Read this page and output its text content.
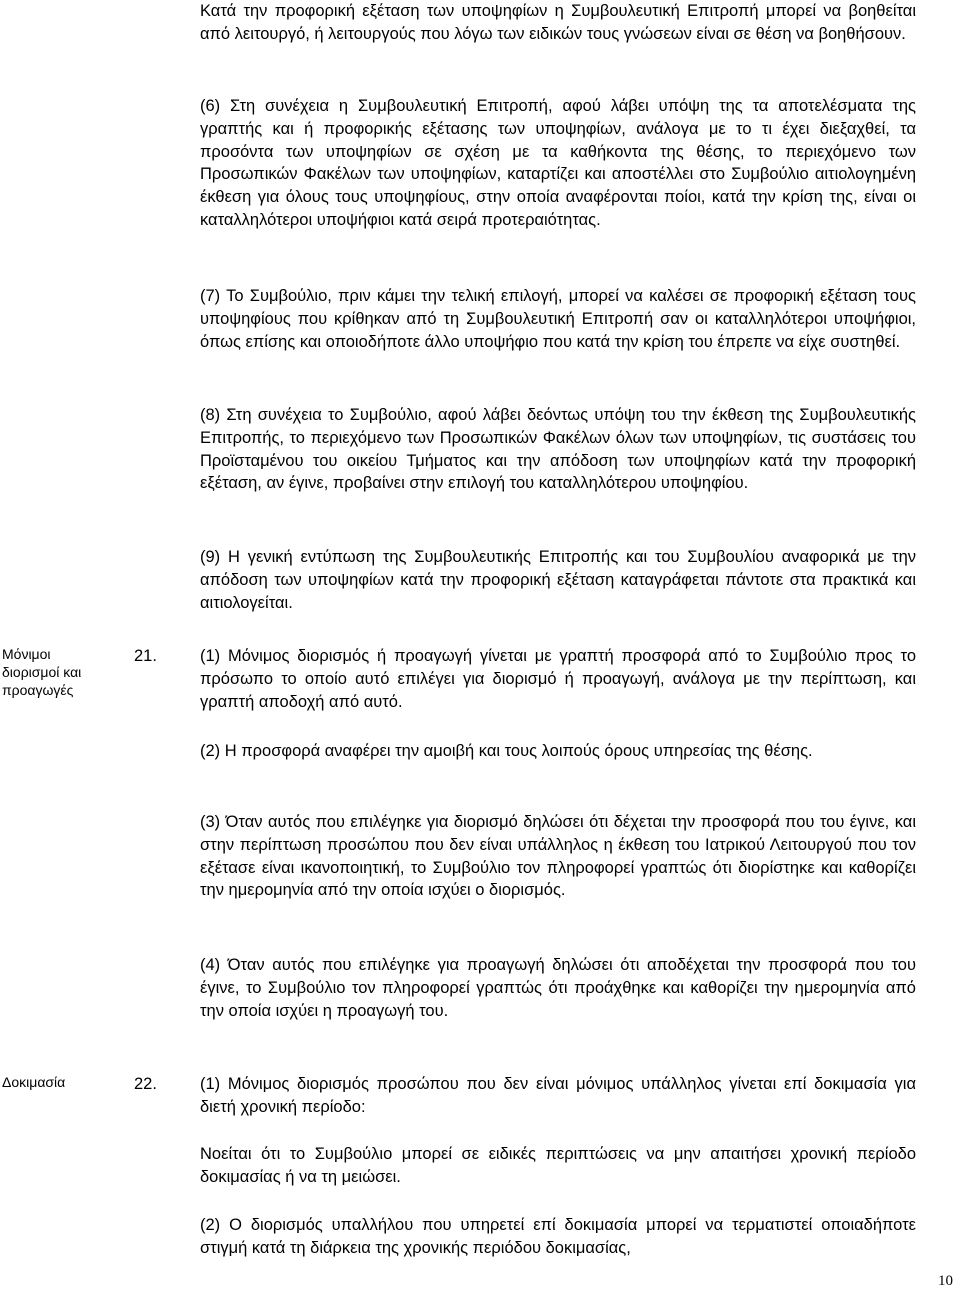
Κατά την προφορική εξέταση των υποψηφίων η Συμβουλευτική Επιτροπή μπορεί να βοηθείται από λειτουργό, ή λειτουργούς που λόγω των ειδικών τους γνώσεων είναι σε θέση να βοηθήσουν.

(6) Στη συνέχεια η Συμβουλευτική Επιτροπή, αφού λάβει υπόψη της τα αποτελέσματα της γραπτής και ή προφορικής εξέτασης των υποψηφίων, ανάλογα με το τι έχει διεξαχθεί, τα προσόντα των υποψηφίων σε σχέση με τα καθήκοντα της θέσης, το περιεχόμενο των Προσωπικών Φακέλων των υποψηφίων, καταρτίζει και αποστέλλει στο Συμβούλιο αιτιολογημένη έκθεση για όλους τους υποψηφίους, στην οποία αναφέρονται ποίοι, κατά την κρίση της, είναι οι καταλληλότεροι υποψήφιοι κατά σειρά προτεραιότητας.

(7) Το Συμβούλιο, πριν κάμει την τελική επιλογή, μπορεί να καλέσει σε προφορική εξέταση τους υποψηφίους που κρίθηκαν από τη Συμβουλευτική Επιτροπή σαν οι καταλληλότεροι υποψήφιοι, όπως επίσης και οποιοδήποτε άλλο υποψήφιο που κατά την κρίση του έπρεπε να είχε συστηθεί.

(8) Στη συνέχεια το Συμβούλιο, αφού λάβει δεόντως υπόψη του την έκθεση της Συμβουλευτικής Επιτροπής, το περιεχόμενο των Προσωπικών Φακέλων όλων των υποψηφίων, τις συστάσεις του Προϊσταμένου του οικείου Τμήματος και την απόδοση των υποψηφίων κατά την προφορική εξέταση, αν έγινε, προβαίνει στην επιλογή του καταλληλότερου υποψηφίου.

(9) Η γενική εντύπωση της Συμβουλευτικής Επιτροπής και του Συμβουλίου αναφορικά με την απόδοση των υποψηφίων κατά την προφορική εξέταση καταγράφεται πάντοτε στα πρακτικά και αιτιολογείται.

Μόνιμοι διορισμοί και προαγωγές

21.	(1) Μόνιμος διορισμός ή προαγωγή γίνεται με γραπτή προσφορά από το Συμβούλιο προς το πρόσωπο το οποίο αυτό επιλέγει για διορισμό ή προαγωγή, ανάλογα με την περίπτωση, και γραπτή αποδοχή από αυτό.

(2) Η προσφορά αναφέρει την αμοιβή και τους λοιπούς όρους υπηρεσίας της θέσης.

(3) Όταν αυτός που επιλέγηκε για διορισμό δηλώσει ότι δέχεται την προσφορά που του έγινε, και στην περίπτωση προσώπου που δεν είναι υπάλληλος η έκθεση του Ιατρικού Λειτουργού που τον εξέτασε είναι ικανοποιητική, το Συμβούλιο τον πληροφορεί γραπτώς ότι διορίστηκε και καθορίζει την ημερομηνία από την οποία ισχύει ο διορισμός.

(4) Όταν αυτός που επιλέγηκε για προαγωγή δηλώσει ότι αποδέχεται την προσφορά που του έγινε, το Συμβούλιο τον πληροφορεί γραπτώς ότι προάχθηκε και καθορίζει την ημερομηνία από την οποία ισχύει η προαγωγή του.

Δοκιμασία	22.	(1) Μόνιμος διορισμός προσώπου που δεν είναι μόνιμος υπάλληλος γίνεται επί δοκιμασία για διετή χρονική περίοδο:

Νοείται ότι το Συμβούλιο μπορεί σε ειδικές περιπτώσεις να μην απαιτήσει χρονική περίοδο δοκιμασίας ή να τη μειώσει.

(2) Ο διορισμός υπαλλήλου που υπηρετεί επί δοκιμασία μπορεί να τερματιστεί οποιαδήποτε στιγμή κατά τη διάρκεια της χρονικής περιόδου δοκιμασίας,

10
